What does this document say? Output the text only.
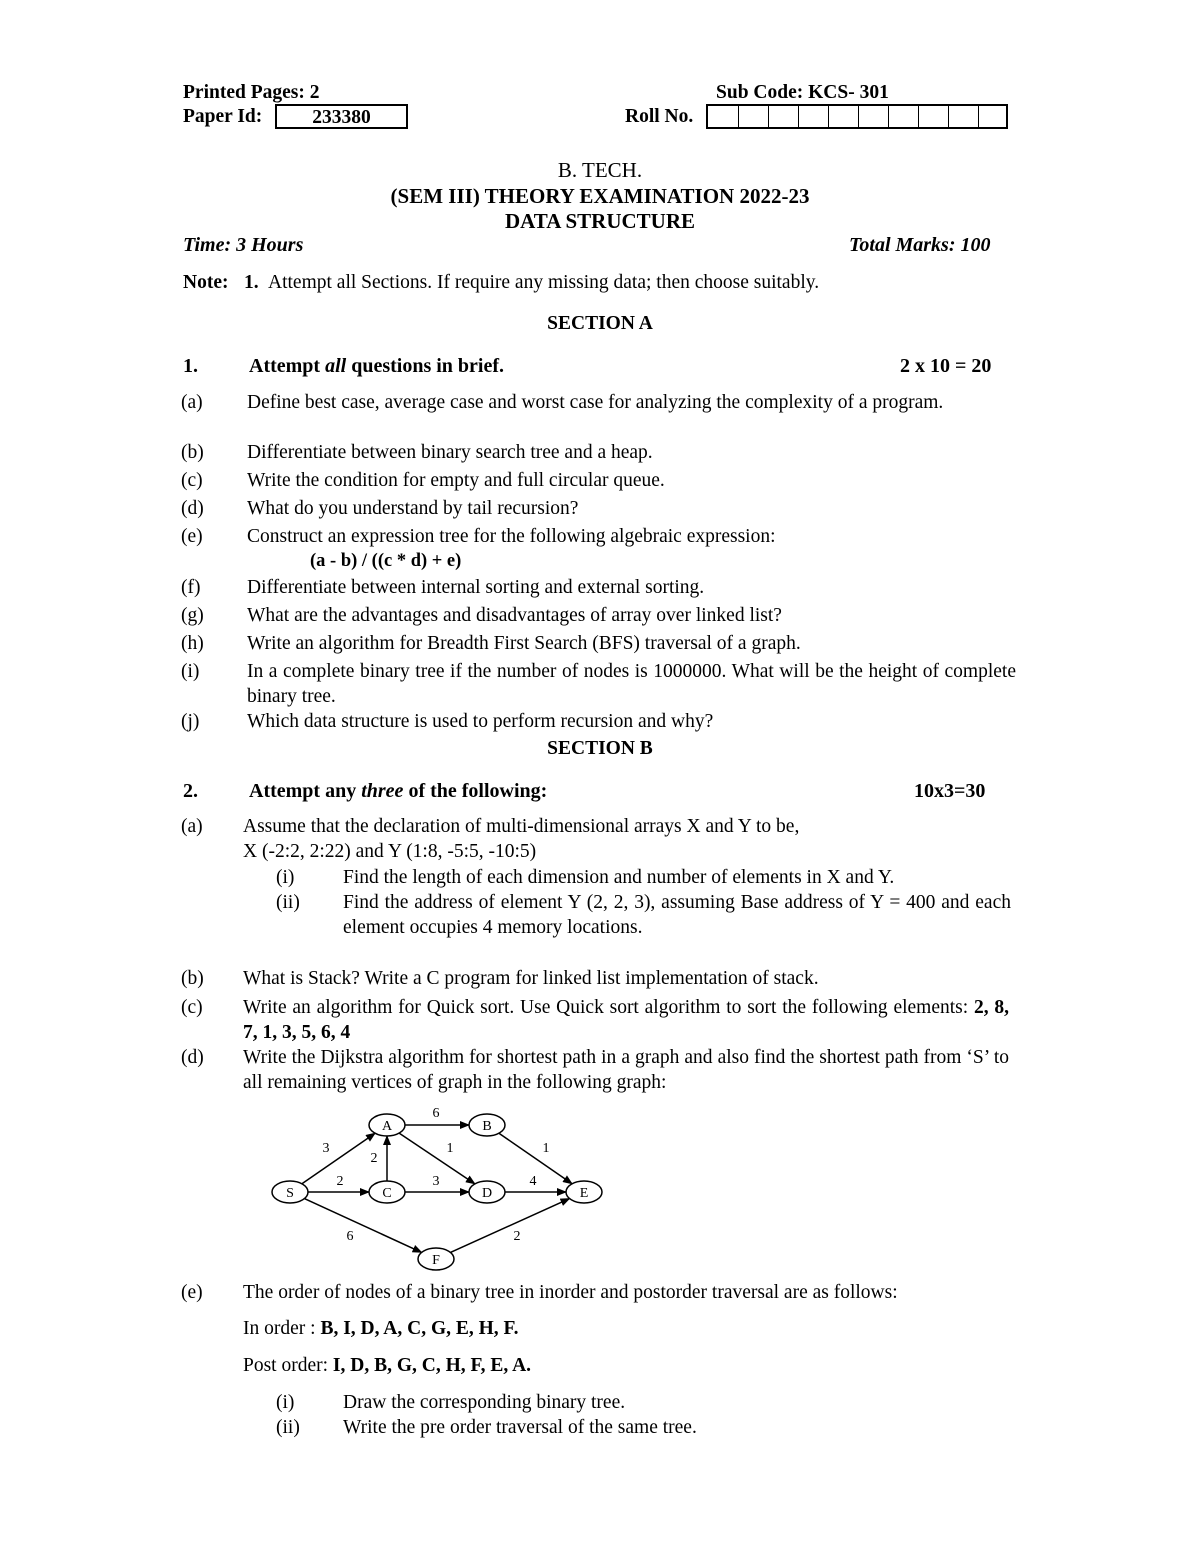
Printed Pages: 2	Sub Code: KCS- 301
Paper Id:	233380	Roll No.
B. TECH.
(SEM III) THEORY EXAMINATION 2022-23
DATA STRUCTURE
Time: 3 Hours	Total Marks: 100
Note: 1. Attempt all Sections. If require any missing data; then choose suitably.
SECTION A
1.	Attempt all questions in brief.	2 x 10 = 20
(a) Define best case, average case and worst case for analyzing the complexity of a program.
(b) Differentiate between binary search tree and a heap.
(c) Write the condition for empty and full circular queue.
(d) What do you understand by tail recursion?
(e) Construct an expression tree for the following algebraic expression:
(a - b) / ((c * d) + e)
(f) Differentiate between internal sorting and external sorting.
(g) What are the advantages and disadvantages of array over linked list?
(h) Write an algorithm for Breadth First Search (BFS) traversal of a graph.
(i) In a complete binary tree if the number of nodes is 1000000. What will be the height of complete binary tree.
(j) Which data structure is used to perform recursion and why?
SECTION B
2.	Attempt any three of the following:	10x3=30
(a) Assume that the declaration of multi-dimensional arrays X and Y to be,
X (-2:2, 2:22) and Y (1:8, -5:5, -10:5)
(i) Find the length of each dimension and number of elements in X and Y.
(ii) Find the address of element Y (2, 2, 3), assuming Base address of Y = 400 and each element occupies 4 memory locations.
(b) What is Stack? Write a C program for linked list implementation of stack.
(c) Write an algorithm for Quick sort. Use Quick sort algorithm to sort the following elements: 2, 8, 7, 1, 3, 5, 6, 4
(d) Write the Dijkstra algorithm for shortest path in a graph and also find the shortest path from ‘S’ to all remaining vertices of graph in the following graph:
3
2
6
2
6
1
3
1
4
2
S
A	B
C	D	E
F
(e) The order of nodes of a binary tree in inorder and postorder traversal are as follows:
In order : B, I, D, A, C, G, E, H, F.
Post order: I, D, B, G, C, H, F, E, A.
(i) Draw the corresponding binary tree.
(ii) Write the pre order traversal of the same tree.
